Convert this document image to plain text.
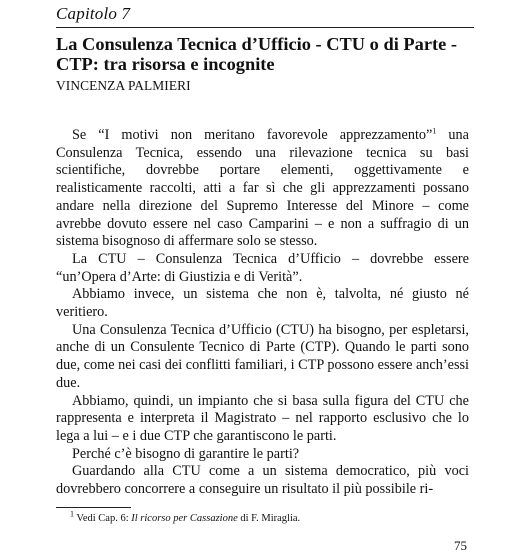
Capitolo 7
La Consulenza Tecnica d’Ufficio - CTU o di Parte - CTP: tra risorsa e incognite
VINCENZA PALMIERI

Se “I motivi non meritano favorevole apprezzamento”$^1$ una Consulenza Tecnica, essendo una rilevazione tecnica su basi scientifiche, dovrebbe portare elementi, oggettivamente e realisticamente raccolti, atti a far sì che gli apprezzamenti possano andare nella direzione del Supremo Interesse del Minore – come avrebbe dovuto essere nel caso Camparini – e non a suffragio di un sistema bisognoso di affermare solo se stesso.

La CTU – Consulenza Tecnica d’Ufficio – dovrebbe essere “un’Opera d’Arte: di Giustizia e di Verità”.

Abbiamo invece, un sistema che non è, talvolta, né giusto né veritiero.

Una Consulenza Tecnica d’Ufficio (CTU) ha bisogno, per espletarsi, anche di un Consulente Tecnico di Parte (CTP). Quando le parti sono due, come nei casi dei conflitti familiari, i CTP possono essere anch’essi due.

Abbiamo, quindi, un impianto che si basa sulla figura del CTU che rappresenta e interpreta il Magistrato – nel rapporto esclusivo che lo lega a lui – e i due CTP che garantiscono le parti.

Perché c’è bisogno di garantire le parti?

Guardando alla CTU come a un sistema democratico, più voci dovrebbero concorrere a conseguire un risultato il più possibile ri-

$^1$ Vedi Cap. 6: Il ricorso per Cassazione di F. Miraglia.
75
